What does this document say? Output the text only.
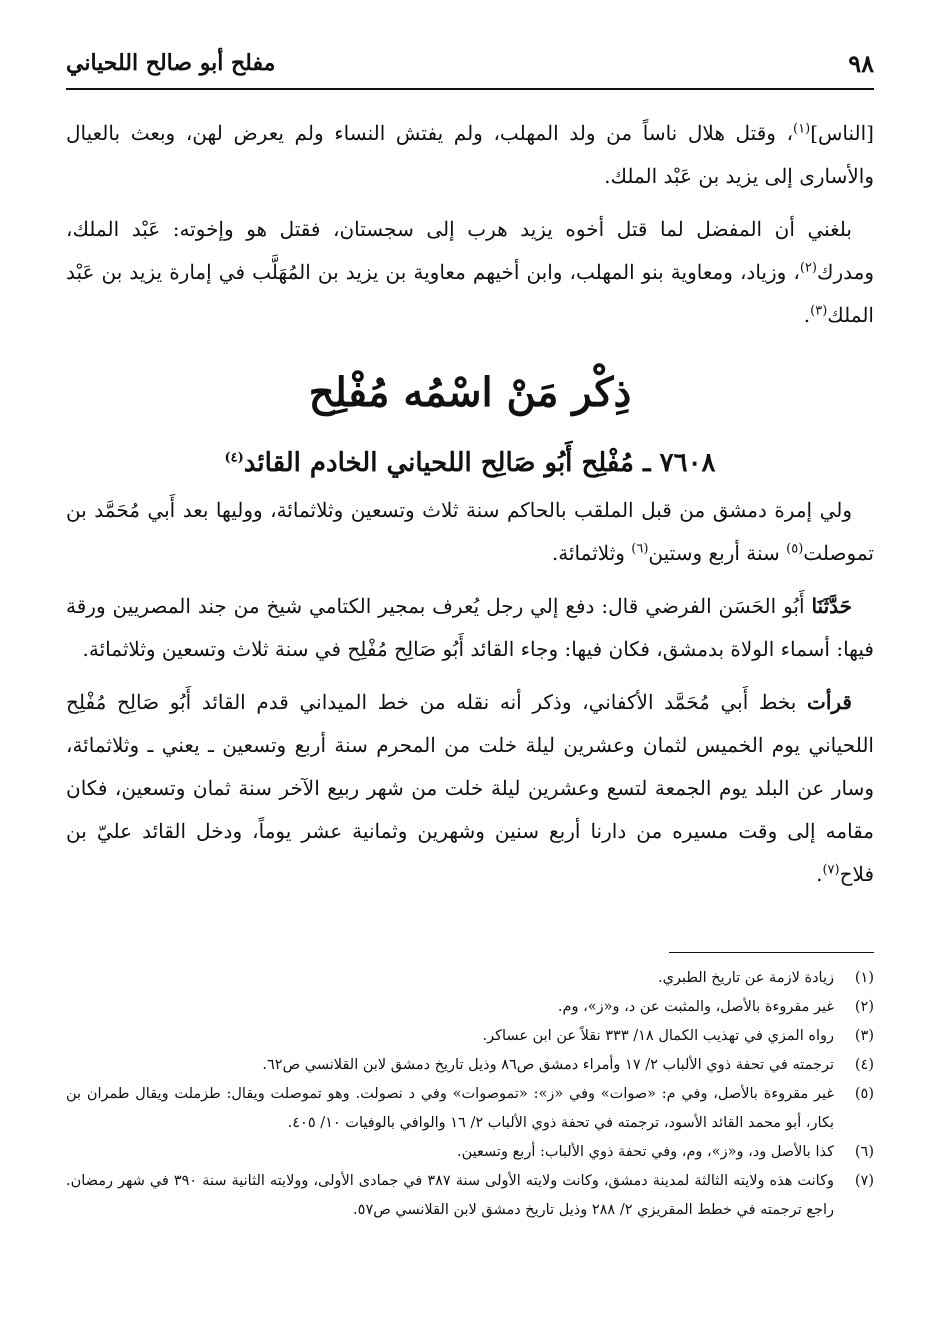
٩٨
مفلح أبو صالح اللحياني

[الناس]$^{(١)}$، وقتل هلال ناساً من ولد المهلب، ولم يفتش النساء ولم يعرض لهن، وبعث بالعيال والأسارى إلى يزيد بن عَبْد الملك.

بلغني أن المفضل لما قتل أخوه يزيد هرب إلى سجستان، فقتل هو وإخوته: عَبْد الملك، ومدرك$^{(٢)}$، وزياد، ومعاوية بنو المهلب، وابن أخيهم معاوية بن يزيد بن المُهَلَّب في إمارة يزيد بن عَبْد الملك$^{(٣)}$.

ذِكْر مَنْ اسْمُه مُفْلِح
٧٦٠٨ ـ مُفْلِح أَبُو صَالِح اللحياني الخادم القائد$^{(٤)}$

ولي إمرة دمشق من قبل الملقب بالحاكم سنة ثلاث وتسعين وثلاثمائة، ووليها بعد أَبي مُحَمَّد بن تموصلت$^{(٥)}$ سنة أربع وستين$^{(٦)}$ وثلاثمائة.

حَدَّثَنَا أَبُو الحَسَن الفرضي قال: دفع إلي رجل يُعرف بمجير الكتامي شيخ من جند المصريين ورقة فيها: أسماء الولاة بدمشق، فكان فيها: وجاء القائد أَبُو صَالِح مُفْلِح في سنة ثلاث وتسعين وثلاثمائة.

قرأت بخط أَبي مُحَمَّد الأكفاني، وذكر أنه نقله من خط الميداني قدم القائد أَبُو صَالِح مُفْلِح اللحياني يوم الخميس لثمان وعشرين ليلة خلت من المحرم سنة أربع وتسعين ـ يعني ـ وثلاثمائة، وسار عن البلد يوم الجمعة لتسع وعشرين ليلة خلت من شهر ربيع الآخر سنة ثمان وتسعين، فكان مقامه إلى وقت مسيره من دارنا أربع سنين وشهرين وثمانية عشر يوماً، ودخل القائد عليّ بن فلاح$^{(٧)}$.

(١)
زيادة لازمة عن تاريخ الطبري.
(٢)
غير مقروءة بالأصل، والمثبت عن د، و«ز»، وم.
(٣)
رواه المزي في تهذيب الكمال ١٨/ ٣٣٣ نقلاً عن ابن عساكر.
(٤)
ترجمته في تحفة ذوي الألباب ٢/ ١٧ وأمراء دمشق ص٨٦ وذيل تاريخ دمشق لابن القلانسي ص٦٢.
(٥)
غير مقروءة بالأصل، وفي م: «صوات» وفي «ز»: «تموصوات» وفي د نصولت. وهو تموصلت ويقال: طزملت ويقال طمران بن بكار، أبو محمد القائد الأسود، ترجمته في تحفة ذوي الألباب ٢/ ١٦ والوافي بالوفيات ١٠/ ٤٠٥.
(٦)
كذا بالأصل ود، و«ز»، وم، وفي تحفة ذوي الألباب: أربع وتسعين.
(٧)
وكانت هذه ولايته الثالثة لمدينة دمشق، وكانت ولايته الأولى سنة ٣٨٧ في جمادى الأولى، وولايته الثانية سنة ٣٩٠ في شهر رمضان. راجع ترجمته في خطط المقريزي ٢/ ٢٨٨ وذيل تاريخ دمشق لابن القلانسي ص٥٧.
